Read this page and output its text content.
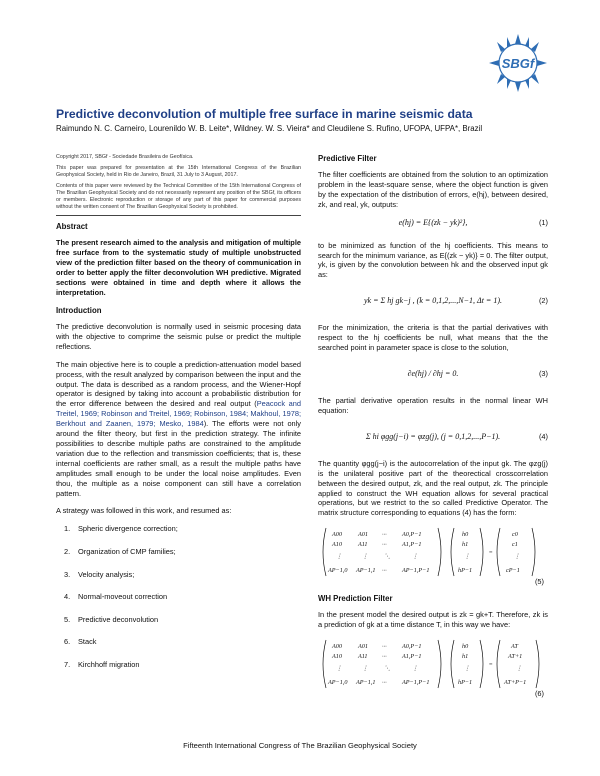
SBGf
Predictive deconvolution of multiple free surface in marine seismic data
Raimundo N. C. Carneiro, Lourenildo W. B. Leite*, Wildney. W. S. Vieira* and Cleudilene S. Rufino, UFOPA, UFPA*, Brazil
Copyright 2017, SBGf - Sociedade Brasileira de Geofísica.
This paper was prepared for presentation at the 15th International Congress of the Brazilian Geophysical Society, held in Rio de Janeiro, Brazil, 31 July to 3 August, 2017.
Contents of this paper were reviewed by the Technical Committee of the 15th International Congress of The Brazilian Geophysical Society and do not necessarily represent any position of the SBGf, its officers or members. Electronic reproduction or storage of any part of this paper for commercial purposes without the written consent of The Brazilian Geophysical Society is prohibited.
Abstract
The present research aimed to the analysis and mitigation of multiple free surface from to the systematic study of multiple unobstructed view of the prediction filter based on the theory of communication in order to better apply the filter deconvolution WH predictive. Migrated sections were obtained in time and depth where it allows the interpretation.
Introduction

The predictive deconvolution is normally used in seismic procesing data with the objective to comprime the seismic pulse or predict the multiple reflections.

The main objective here is to couple a prediction-attenuation model based process, with the result analyzed by comparison between the input and the output. The data is described as a random process, and the Wiener-Hopf operator is designed by taking into account a probabilistic distribution for the error difference between the desired and real output (Peacock and Treitel, 1969; Robinson and Treitel, 1969; Robinson, 1984; Makhoul, 1978; Berkhout and Zaanen, 1979; Mesko, 1984). The efforts were not only around the filter theory, but first in the prediction strategy. The infinite possibilities to describe multiple paths are constrained to the amplitude variation due to the reflection and transmission coefficients; that is, these internal coefficients are rather small, as a result the multiple paths have amplitudes small enough to be under the local noise amplitudes. Even thou, the multiple as a noise component can still have a correlation pattern.

A strategy was followed in this work, and resumed as:

1. Spheric divergence correction;
2. Organization of CMP families;
3. Velocity analysis;
4. Normal-moveout correction
5. Predictive deconvolution
6. Stack
7. Kirchhoff migration
Predictive Filter

The filter coefficients are obtained from the solution to an optimization problem in the least-square sense, where the object function is given by the expectation of the distribution of errors, e(hj), between desired, zk, and real, yk, outputs:

e(hj) = E{(zk − yk)²},	(1)

to be minimized as function of the hj coefficients. This means to search for the minimum variance, as E{(zk − yk)} = 0. The filter output, yk, is given by the convolution between hk and the observed input gk as:

yk = Σ hj gk−j , (k = 0,1,2,...,N−1, Δt = 1).	(2)

For the minimization, the criteria is that the partial derivatives with respect to the hj coefficients be null, what means that the the searched point in parameter space is close to the solution,

∂e(hj) / ∂hj = 0.	(3)

The partial derivative operation results in the normal linear WH equation:

Σ hi φgg(j−i) = φzg(j), (j = 0,1,2,...,P−1).	(4)

The quantity φgg(j−i) is the autocorrelation of the input gk. The φzg(j) is the unilateral positive part of the theorectical crosscorrelation between the desired output, zk, and the real output, zk. The principle applied to construct the WH equation allows for several practical operations, but we restrict to the so called Predictive Operator. The matrix structure corresponding to equations (4) has the form:

A00	A01 ··· A0,P−1
A10	A11 ··· A1,P−1
⋮	⋮	⋱	⋮
AP−1,0 AP−1,1 ··· AP−1,P−1
h0
h1
⋮
hP−1
=
c0
c1
⋮
cP−1
(5)
WH Prediction Filter

In the present model the desired output is zk = gk+T. Therefore, zk is a prediction of gk at a time distance T, in this way we have:

A00	A01 ··· A0,P−1
A10	A11 ··· A1,P−1
⋮	⋮	⋱	⋮
AP−1,0 AP−1,1 ··· AP−1,P−1
h0
h1
⋮
hP−1
=
AT
AT+1
⋮
AT+P−1
(6)
Fifteenth International Congress of The Brazilian Geophysical Society
